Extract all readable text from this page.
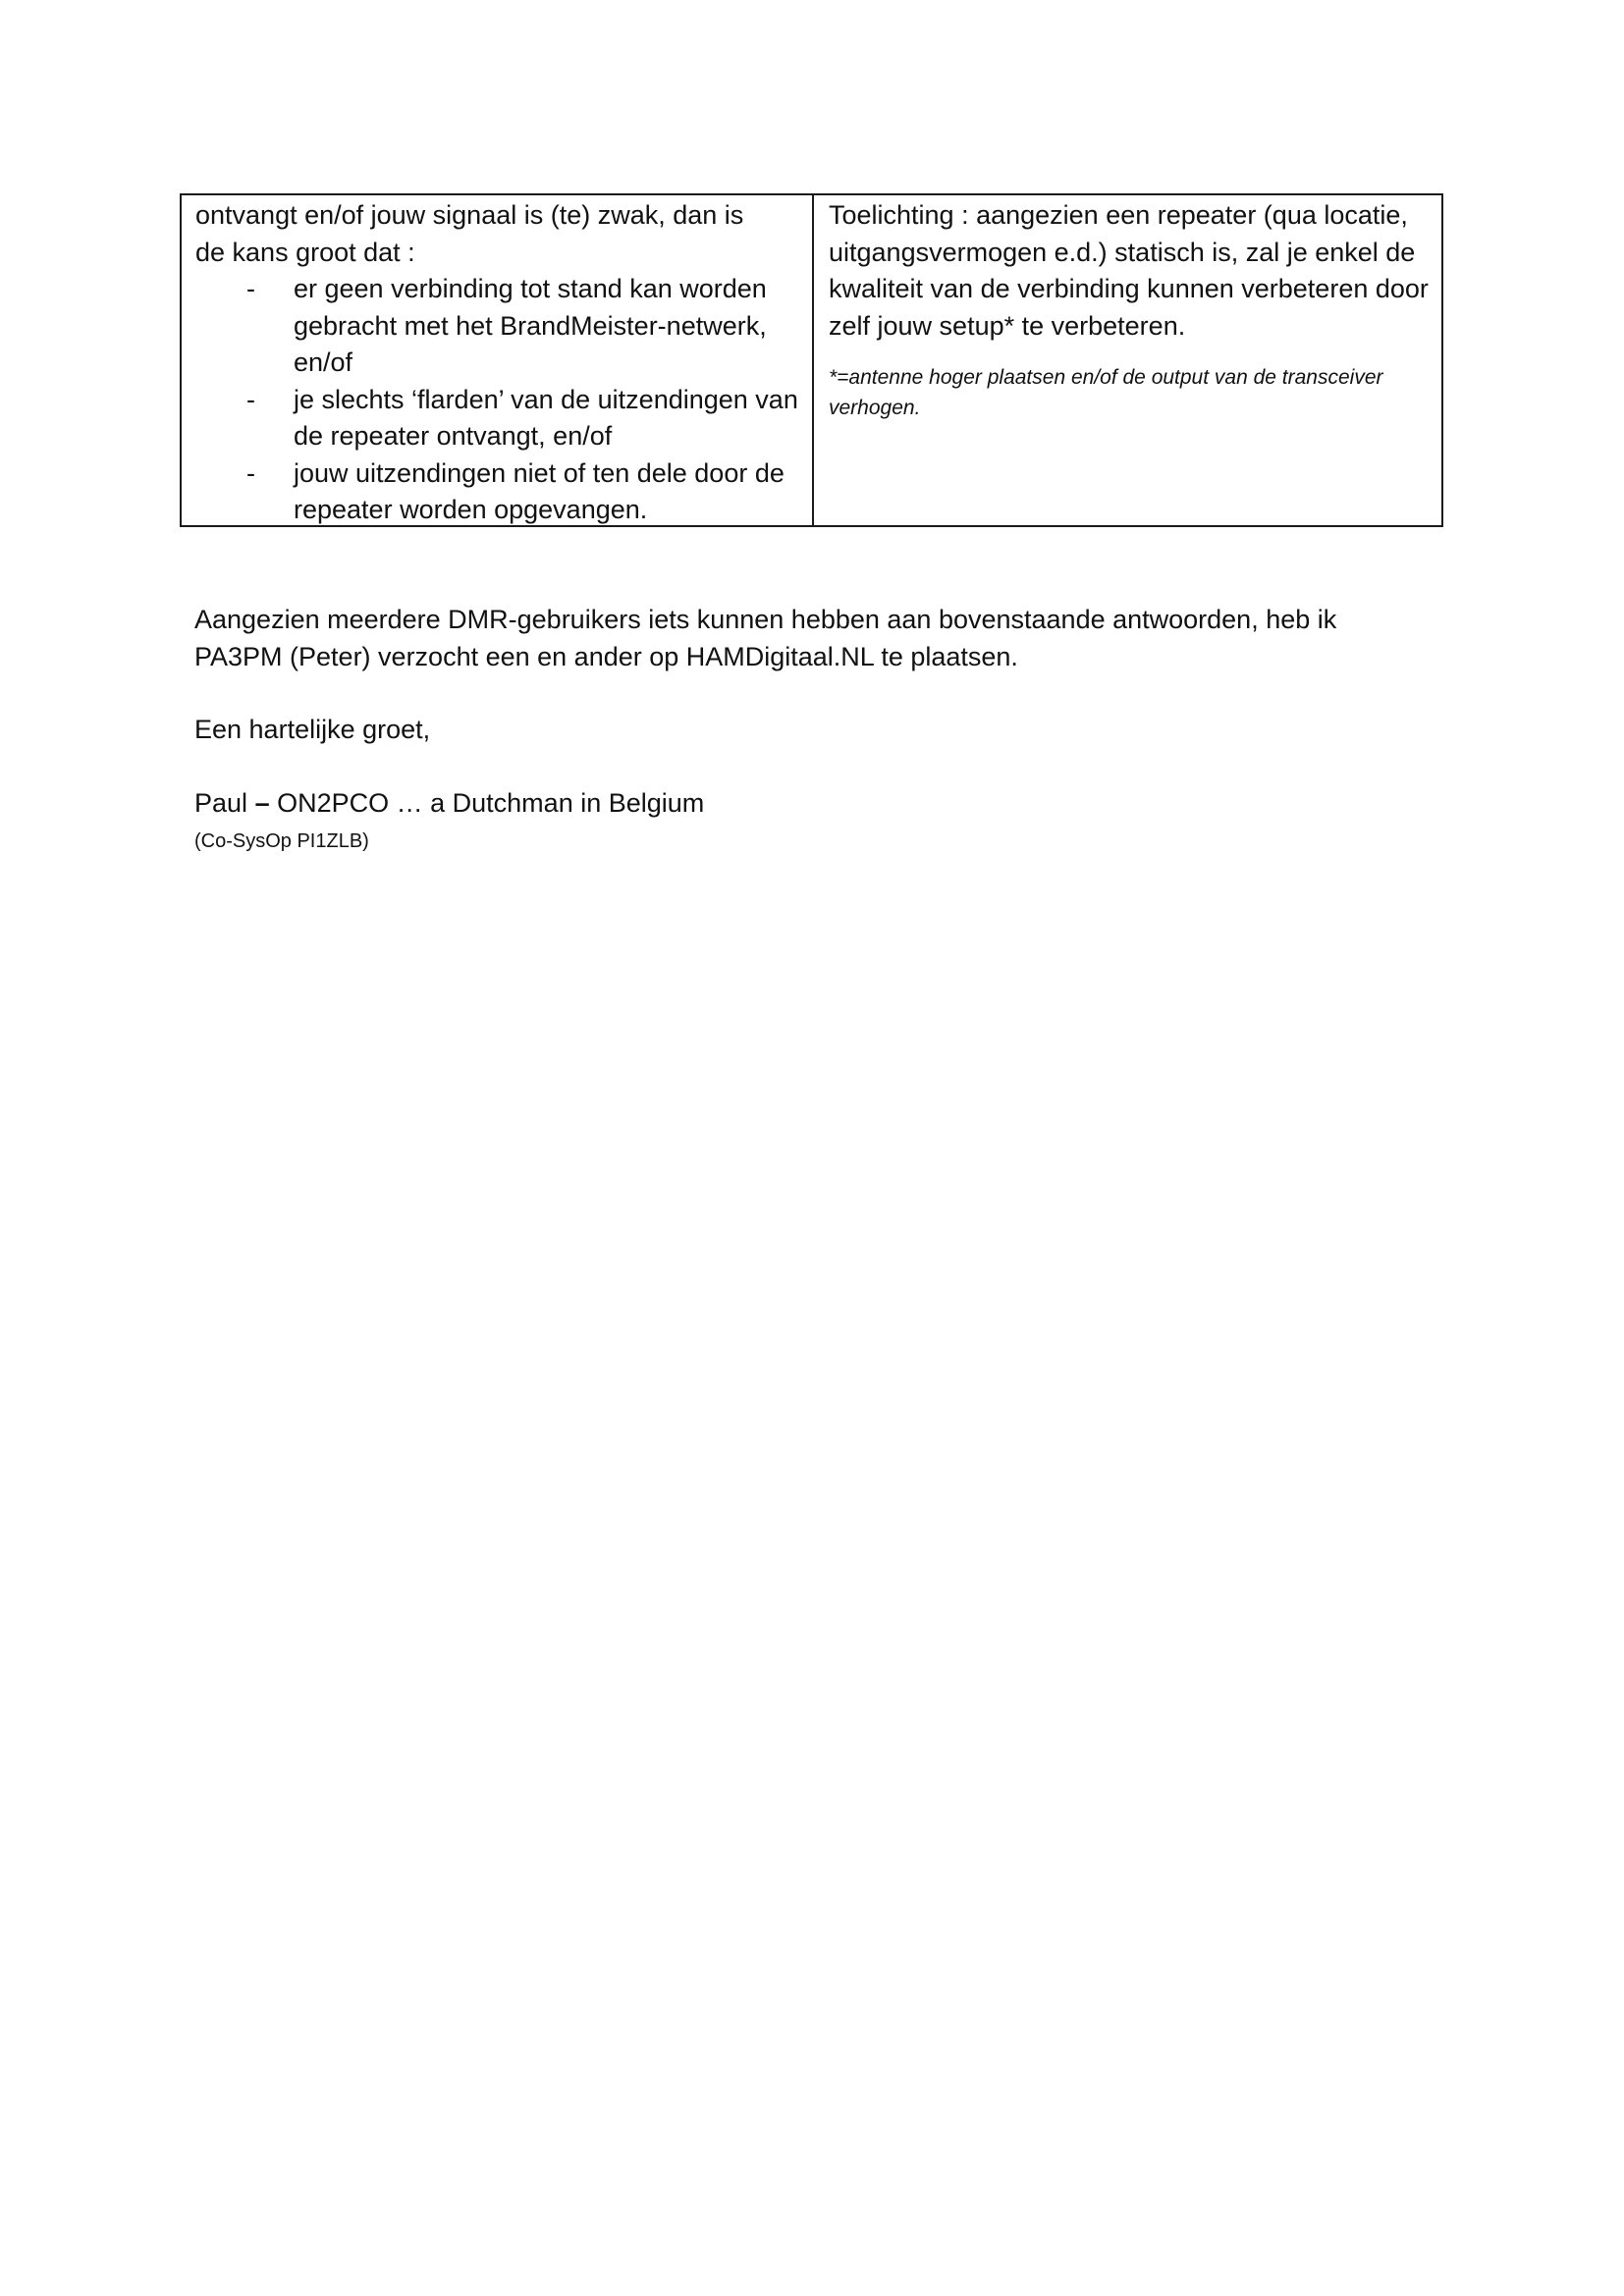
ontvangt en/of jouw signaal is (te) zwak, dan is

de kans groot dat :

- er geen verbinding tot stand kan worden gebracht met het BrandMeister-netwerk, en/of
- je slechts ‘flarden’ van de uitzendingen van de repeater ontvangt, en/of
- jouw uitzendingen niet of ten dele door de repeater worden opgevangen.

Toelichting : aangezien een repeater (qua locatie, uitgangsvermogen e.d.) statisch is, zal je enkel de kwaliteit van de verbinding kunnen verbeteren door zelf jouw setup* te verbeteren.

*=antenne hoger plaatsen en/of de output van de transceiver verhogen.

Aangezien meerdere DMR-gebruikers iets kunnen hebben aan bovenstaande antwoorden, heb ik PA3PM (Peter) verzocht een en ander op HAMDigitaal.NL te plaatsen.

Een hartelijke groet,

Paul – ON2PCO … a Dutchman in Belgium

(Co-SysOp PI1ZLB)
